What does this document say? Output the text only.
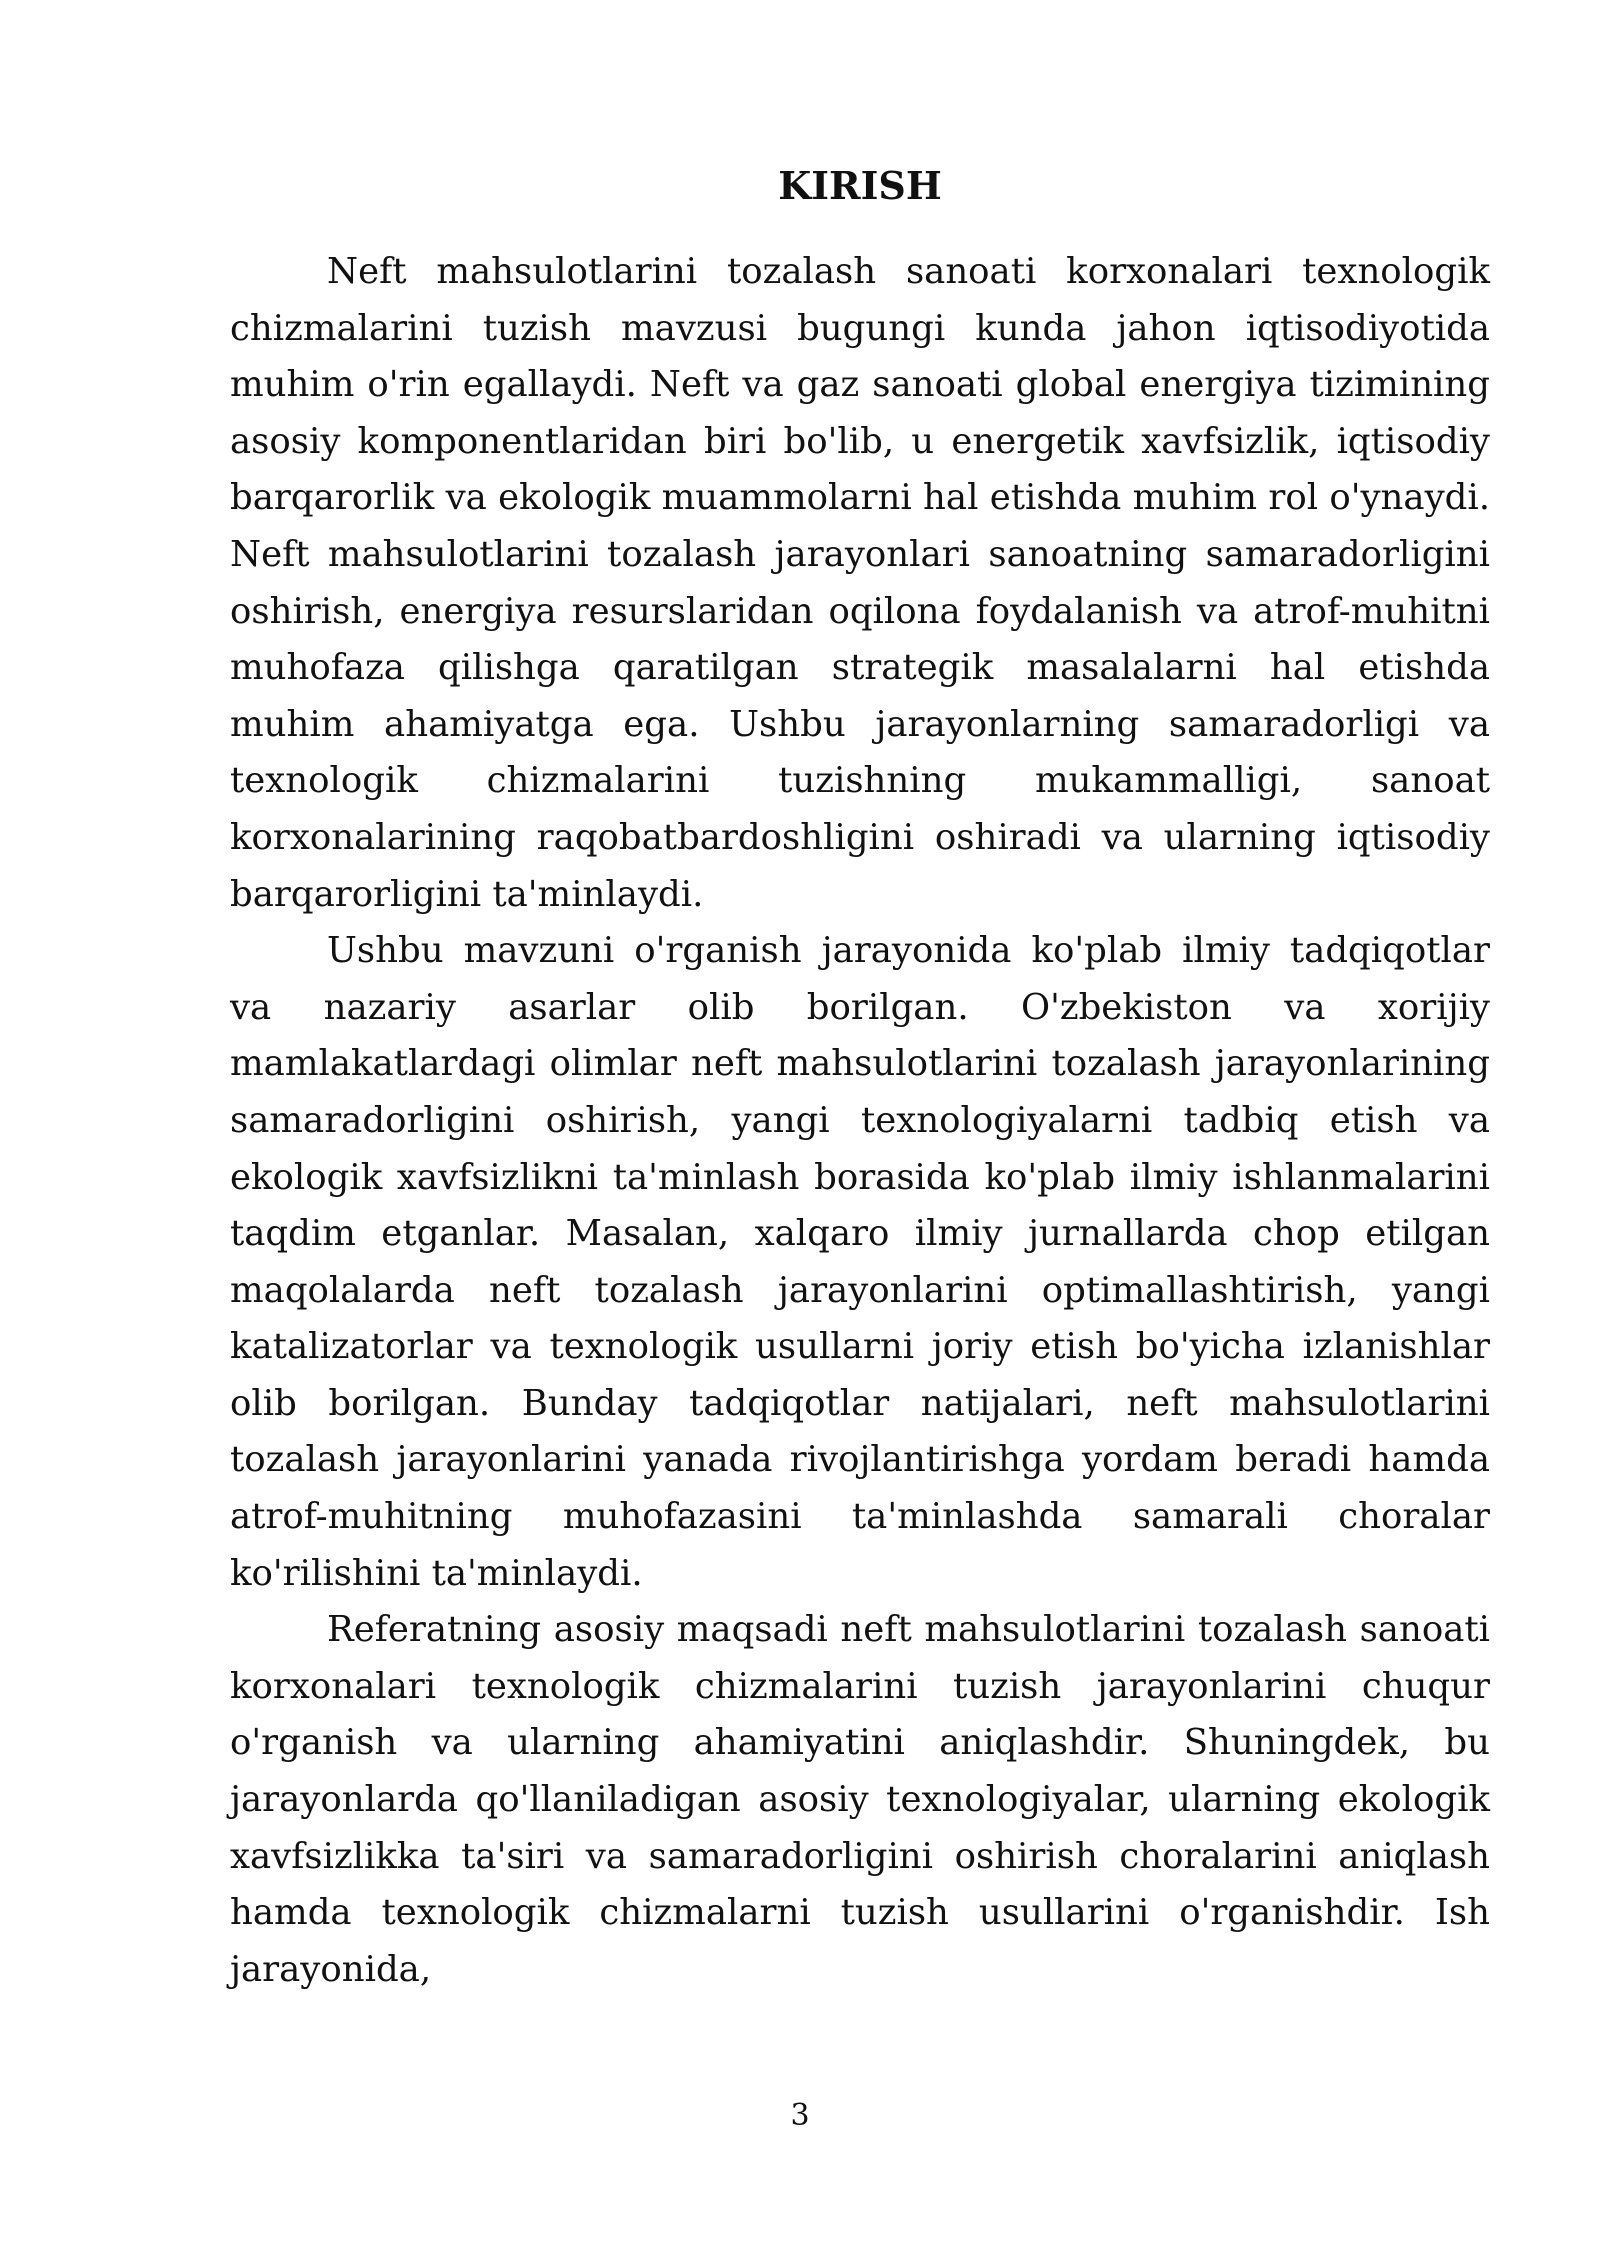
KIRISH

Neft mahsulotlarini tozalash sanoati korxonalari texnologik chizmalarini tuzish mavzusi bugungi kunda jahon iqtisodiyotida muhim o'rin egallaydi. Neft va gaz sanoati global energiya tizimining asosiy komponentlaridan biri bo'lib, u energetik xavfsizlik, iqtisodiy barqarorlik va ekologik muammolarni hal etishda muhim rol o'ynaydi. Neft mahsulotlarini tozalash jarayonlari sanoatning samaradorligini oshirish, energiya resurslaridan oqilona foydalanish va atrof-muhitni muhofaza qilishga qaratilgan strategik masalalarni hal etishda muhim ahamiyatga ega. Ushbu jarayonlarning samaradorligi va texnologik chizmalarini tuzishning mukammalligi, sanoat korxonalarining raqobatbardoshligini oshiradi va ularning iqtisodiy barqarorligini ta'minlaydi.

Ushbu mavzuni o'rganish jarayonida ko'plab ilmiy tadqiqotlar va nazariy asarlar olib borilgan. O'zbekiston va xorijiy mamlakatlardagi olimlar neft mahsulotlarini tozalash jarayonlarining samaradorligini oshirish, yangi texnologiyalarni tadbiq etish va ekologik xavfsizlikni ta'minlash borasida ko'plab ilmiy ishlanmalarini taqdim etganlar. Masalan, xalqaro ilmiy jurnallarda chop etilgan maqolalarda neft tozalash jarayonlarini optimallashtirish, yangi katalizatorlar va texnologik usullarni joriy etish bo'yicha izlanishlar olib borilgan. Bunday tadqiqotlar natijalari, neft mahsulotlarini tozalash jarayonlarini yanada rivojlantirishga yordam beradi hamda atrof-muhitning muhofazasini ta'minlashda samarali choralar ko'rilishini ta'minlaydi.

Referatning asosiy maqsadi neft mahsulotlarini tozalash sanoati korxonalari texnologik chizmalarini tuzish jarayonlarini chuqur o'rganish va ularning ahamiyatini aniqlashdir. Shuningdek, bu jarayonlarda qo'llaniladigan asosiy texnologiyalar, ularning ekologik xavfsizlikka ta'siri va samaradorligini oshirish choralarini aniqlash hamda texnologik chizmalarni tuzish usullarini o'rganishdir. Ish jarayonida,

3
